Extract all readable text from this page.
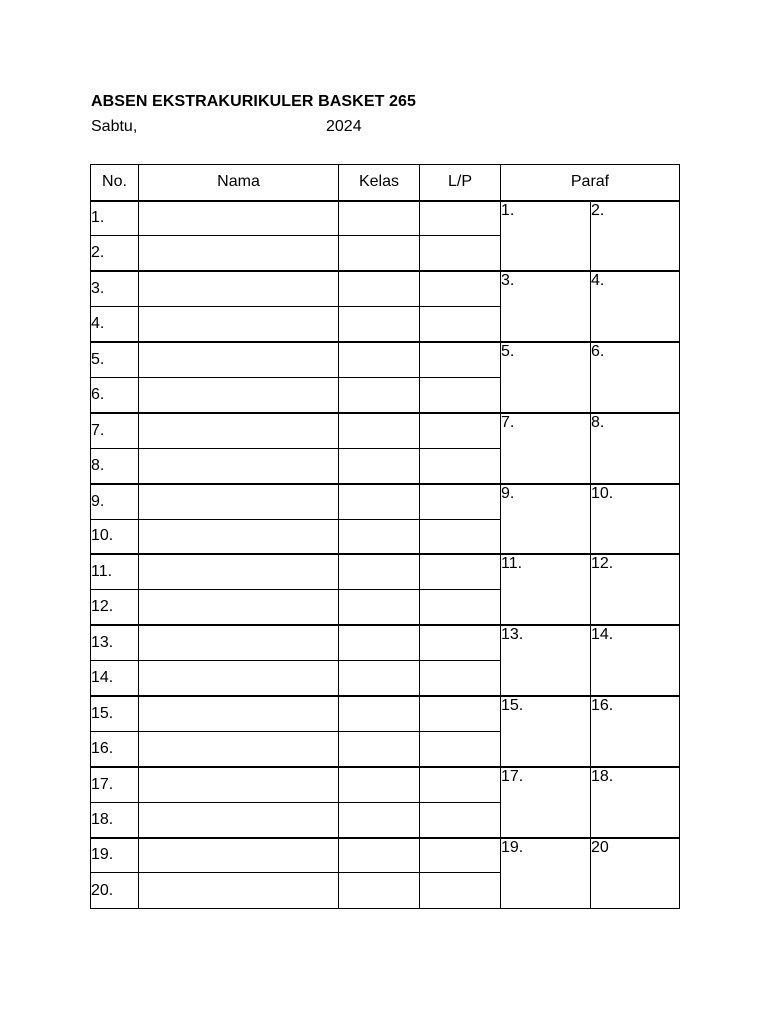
ABSEN EKSTRAKURIKULER BASKET 265
Sabtu,	2024
No.	Nama	Kelas	L/P	Paraf	
1.				1.	2.
2.					
3.				3.	4.
4.					
5.				5.	6.
6.					
7.				7.	8.
8.					
9.				9.	10.
10.					
11.				11.	12.
12.					
13.				13.	14.
14.					
15.				15.	16.
16.					
17.				17.	18.
18.					
19.				19.	20
20.					
